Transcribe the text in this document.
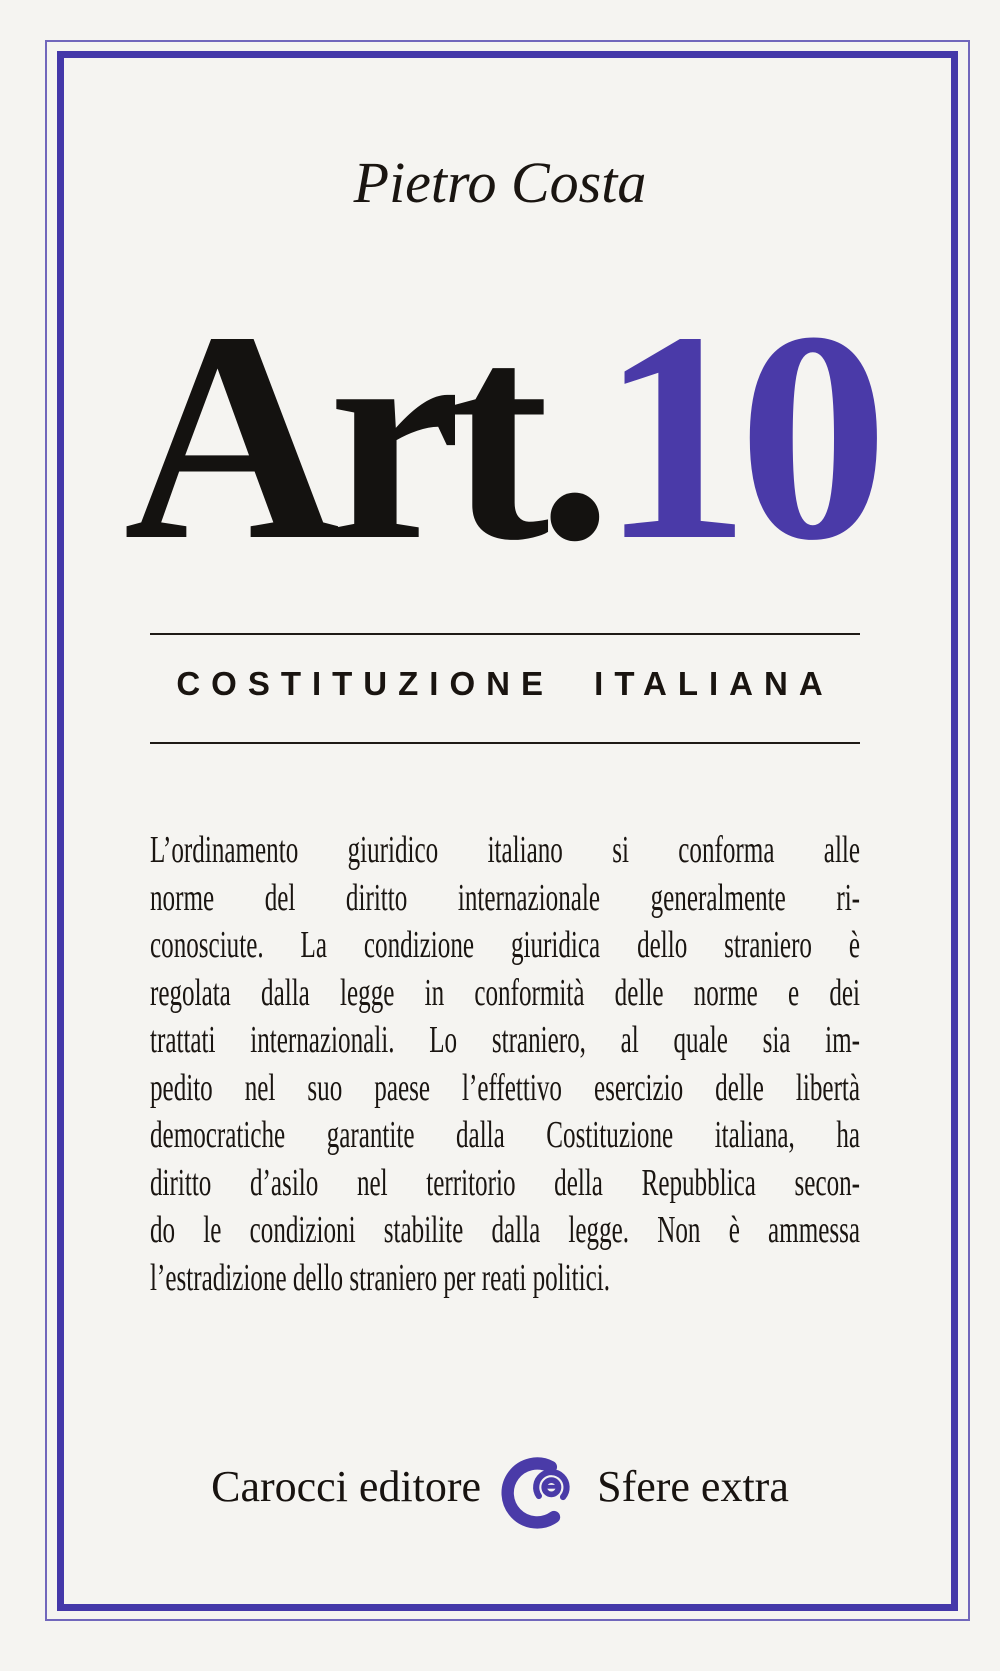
Pietro Costa
Art.10
COSTITUZIONE ITALIANA
L’ordinamento giuridico italiano si conforma alle
norme del diritto internazionale generalmente ri-
conosciute. La condizione giuridica dello straniero è
regolata dalla legge in conformità delle norme e dei
trattati internazionali. Lo straniero, al quale sia im-
pedito nel suo paese l’effettivo esercizio delle libertà
democratiche garantite dalla Costituzione italiana, ha
diritto d’asilo nel territorio della Repubblica secon-
do le condizioni stabilite dalla legge. Non è ammessa
l’estradizione dello straniero per reati politici.
Carocci editore	Sfere extra
